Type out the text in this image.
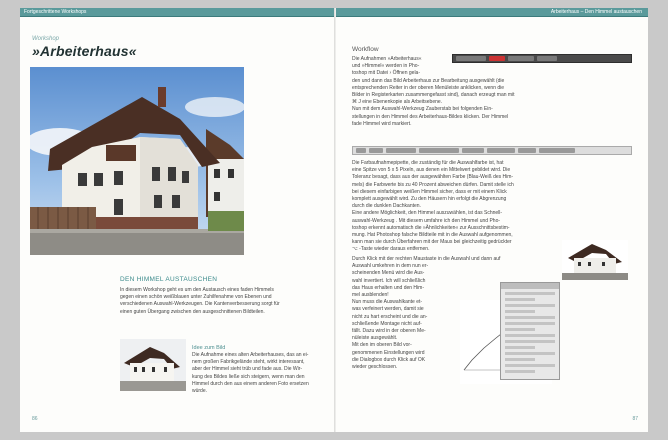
Fortgeschrittene Workshops
Workshop
»Arbeiterhaus«
DEN HIMMEL AUSTAUSCHEN
In diesem Workshop geht es um den Austausch eines faden Himmels
gegen einen schön weißblauen unter Zuhilfenahme von Ebenen und
verschiedenen Auswahl-Werkzeugen. Die Kantenverbesserung sorgt für
einen guten Übergang zwischen den ausgeschnittenen Bildteilen.
Idee zum Bild
Die Aufnahme eines alten Arbeiterhauses, das an ei-
nem großen Fabrikgelände steht, wirkt interessant,
aber der Himmel sieht trüb und fade aus. Die Wir-
kung des Bildes ließe sich steigern, wenn man den
Himmel durch den aus einem anderen Foto ersetzen
würde.
86
Arbeiterhaus – Den Himmel austauschen
Workflow
Die Aufnahmen »Arbeiterhaus«
und »Himmel« werden in Pho-
toshop mit Datei › Öffnen gela-
den und dann das Bild Arbeiterhaus zur Bearbeitung ausgewählt (die
entsprechenden Reiter in der oberen Menüleiste anklicken, wenn die
Bilder in Registerkarten zusammengefasst sind), danach erzeugt man mit
⌘ J eine Ebenenkopie als Arbeitsebene.
Nun mit dem Auswahl-Werkzeug Zauberstab bei folgenden Ein-
stellungen in den Himmel des Arbeiterhaus-Bildes klicken. Der Himmel
fade Himmel wird markiert.
Die Farbaufnahmepipette, die zuständig für die Auswahlfarbe ist, hat
eine Spitze von 5 x 5 Pixeln, aus denen ein Mittelwert gebildet wird. Die
Toleranz besagt, dass aus der ausgewählten Farbe (Blau-Weiß des Him-
mels) die Farbwerte bis zu 40 Prozent abweichen dürfen. Damit stelle ich
bei diesem einfarbigen weißen Himmel sicher, dass er mit einem Klick
komplett ausgewählt wird. Zu den Häusern hin erfolgt die Abgrenzung
durch die dunklen Dachkanten.
Eine andere Möglichkeit, den Himmel auszuwählen, ist das Schnell-
auswahl-Werkzeug . Mit diesem umfahre ich den Himmel und Pho-
toshop erkennt automatisch die »Ähnlichkeiten« zur Ausschnittsbestim-
mung. Hat Photoshop falsche Bildteile mit in die Auswahl aufgenommen,
kann man sie durch Überfahren mit der Maus bei gleichzeitig gedrückter
⌥ -Taste wieder daraus entfernen.
Durch Klick mit der rechten Maustaste in die Auswahl und dann auf
Auswahl umkehren in dem nun er-
scheinenden Menü wird die Aus-
wahl invertiert. Ich will schließlich
das Haus erhalten und den Him-
mel ausblenden!
Nun muss die Auswahlkante et-
was verfeinert werden, damit sie
nicht zu hart erscheint und die an-
schließende Montage nicht auf-
fällt. Dazu wird in der oberen Me-
nüleiste ausgewählt.
Mit den im oberen Bild vor-
genommenen Einstellungen wird
die Dialogbox durch Klick auf OK
wieder geschlossen.
87
